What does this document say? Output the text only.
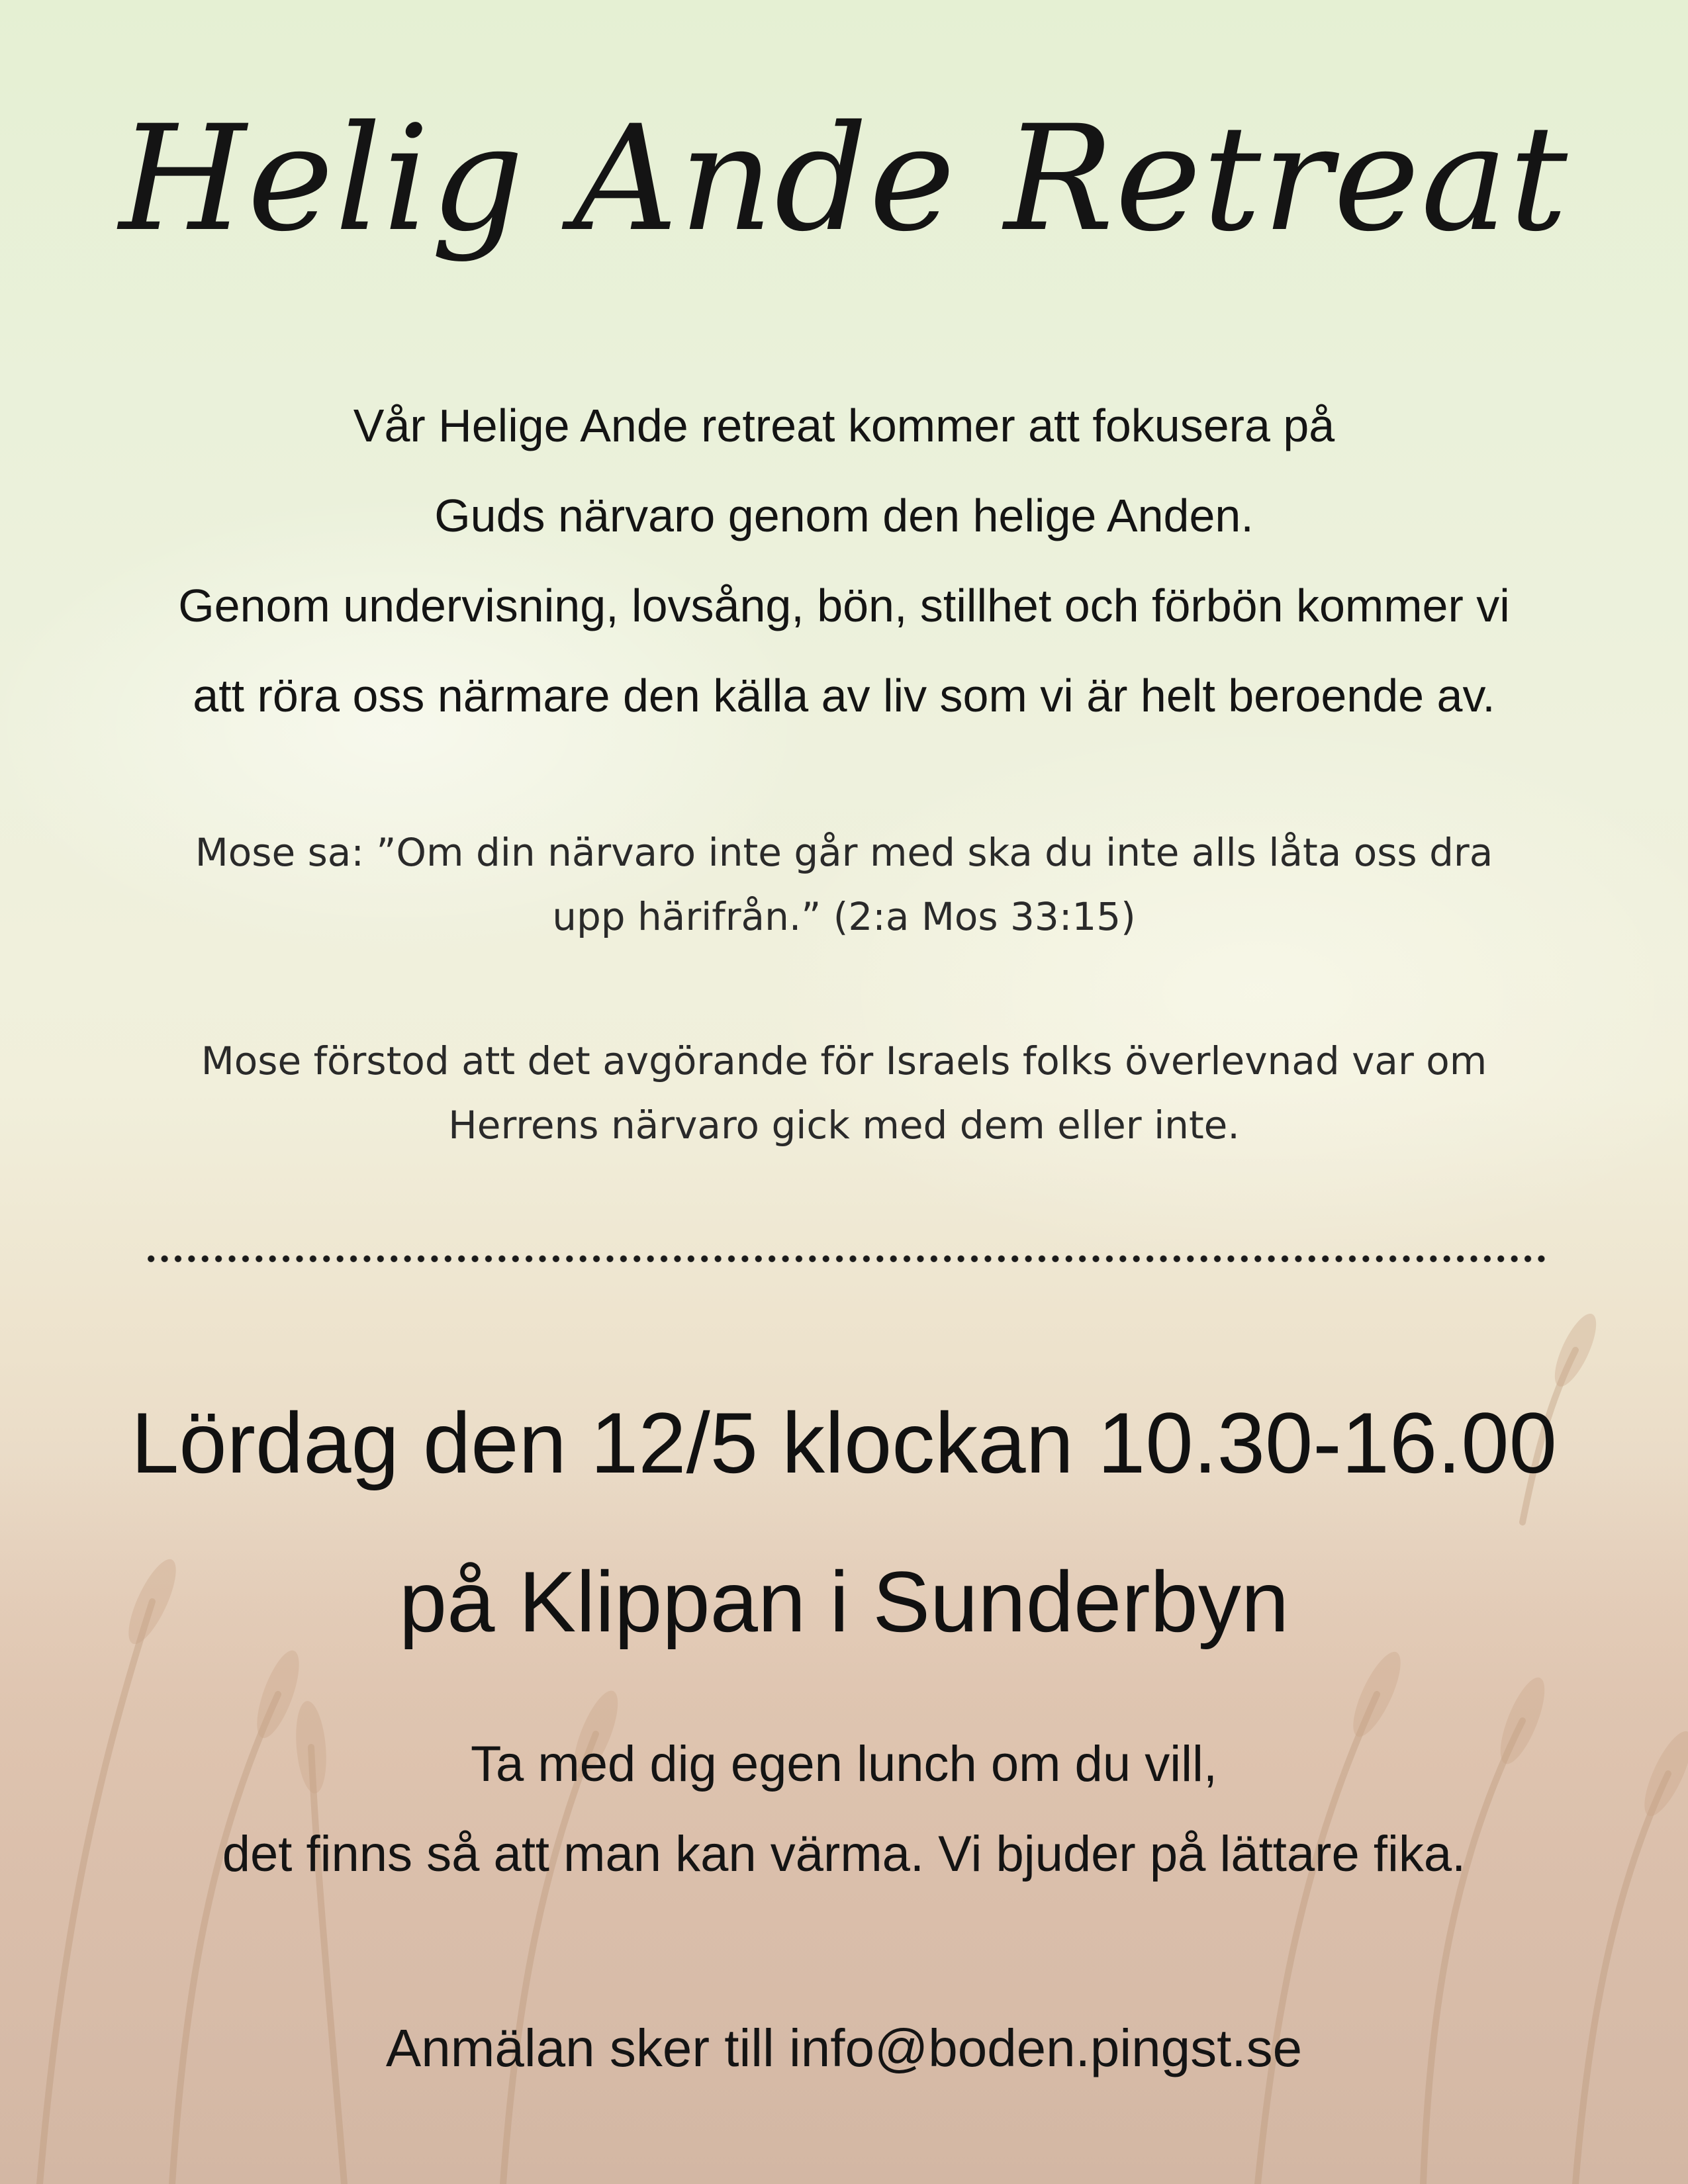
Helig Ande Retreat
Vår Helige Ande retreat kommer att fokusera på
Guds närvaro genom den helige Anden.
Genom undervisning, lovsång, bön, stillhet och förbön kommer vi
att röra oss närmare den källa av liv som vi är helt beroende av.
Mose sa: ”Om din närvaro inte går med ska du inte alls låta oss dra
upp härifrån.” (2:a Mos 33:15)
Mose förstod att det avgörande för Israels folks överlevnad var om
Herrens närvaro gick med dem eller inte.
Lördag den 12/5 klockan 10.30-16.00
på Klippan i Sunderbyn
Ta med dig egen lunch om du vill,
det finns så att man kan värma. Vi bjuder på lättare fika.
Anmälan sker till info@boden.pingst.se
